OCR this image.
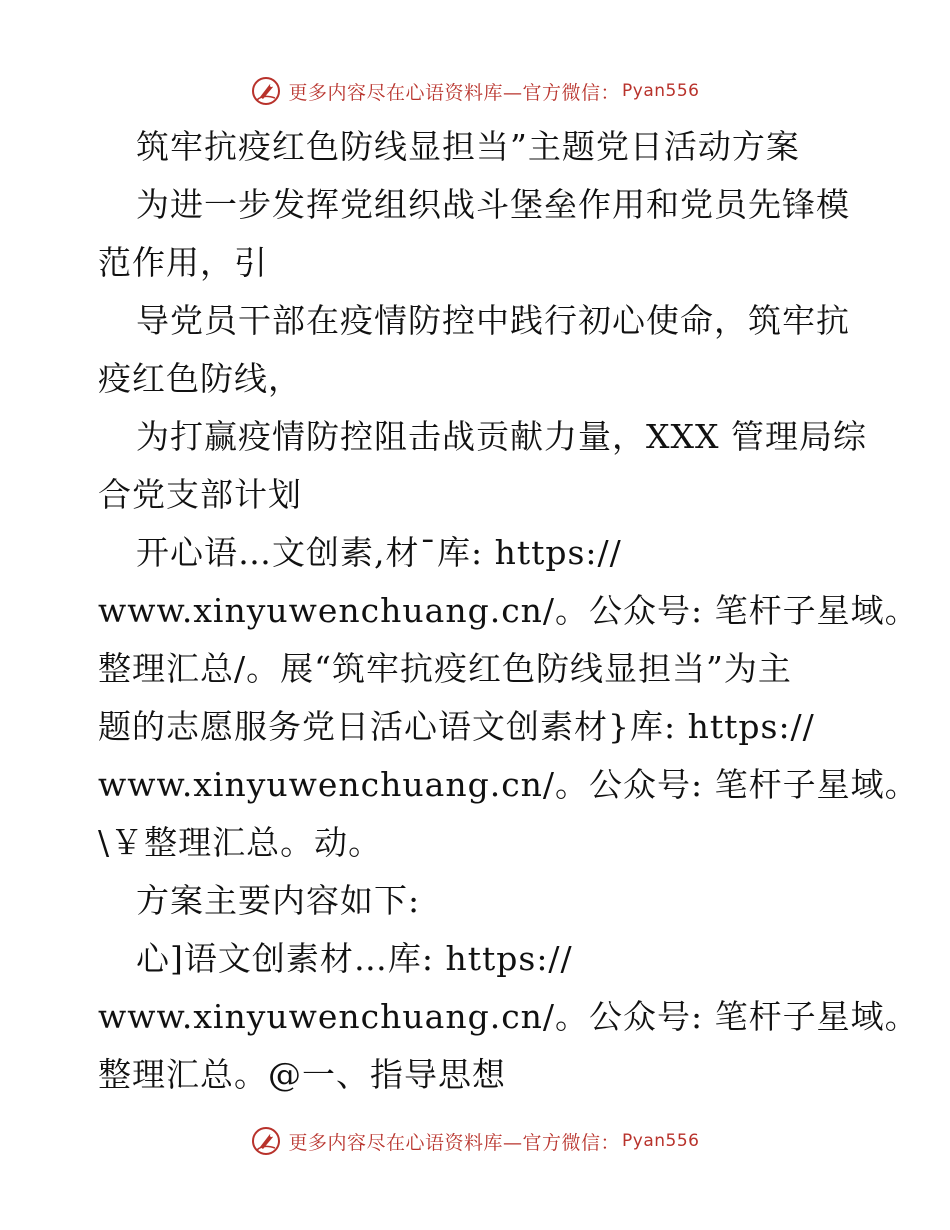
更多内容尽在心语资料库—官方微信： Pyan556
筑牢抗疫红色防线显担当”主题党日活动方案
为进一步发挥党组织战斗堡垒作用和党员先锋模
范作用，引
导党员干部在疫情防控中践行初心使命，筑牢抗
疫红色防线，
为打赢疫情防控阻击战贡献力量，XXX 管理局综
合党支部计划
开心语…文创素,材¯库: https://
www.xinyuwenchuang.cn/。公众号: 笔杆子星域。
整理汇总/。展“筑牢抗疫红色防线显担当”为主
题的志愿服务党日活心语文创素材}库: https://
www.xinyuwenchuang.cn/。公众号: 笔杆子星域。
\￥整理汇总。动。
方案主要内容如下:
心]语文创素材…库: https://
www.xinyuwenchuang.cn/。公众号: 笔杆子星域。
整理汇总。@一、指导思想
更多内容尽在心语资料库—官方微信： Pyan556
